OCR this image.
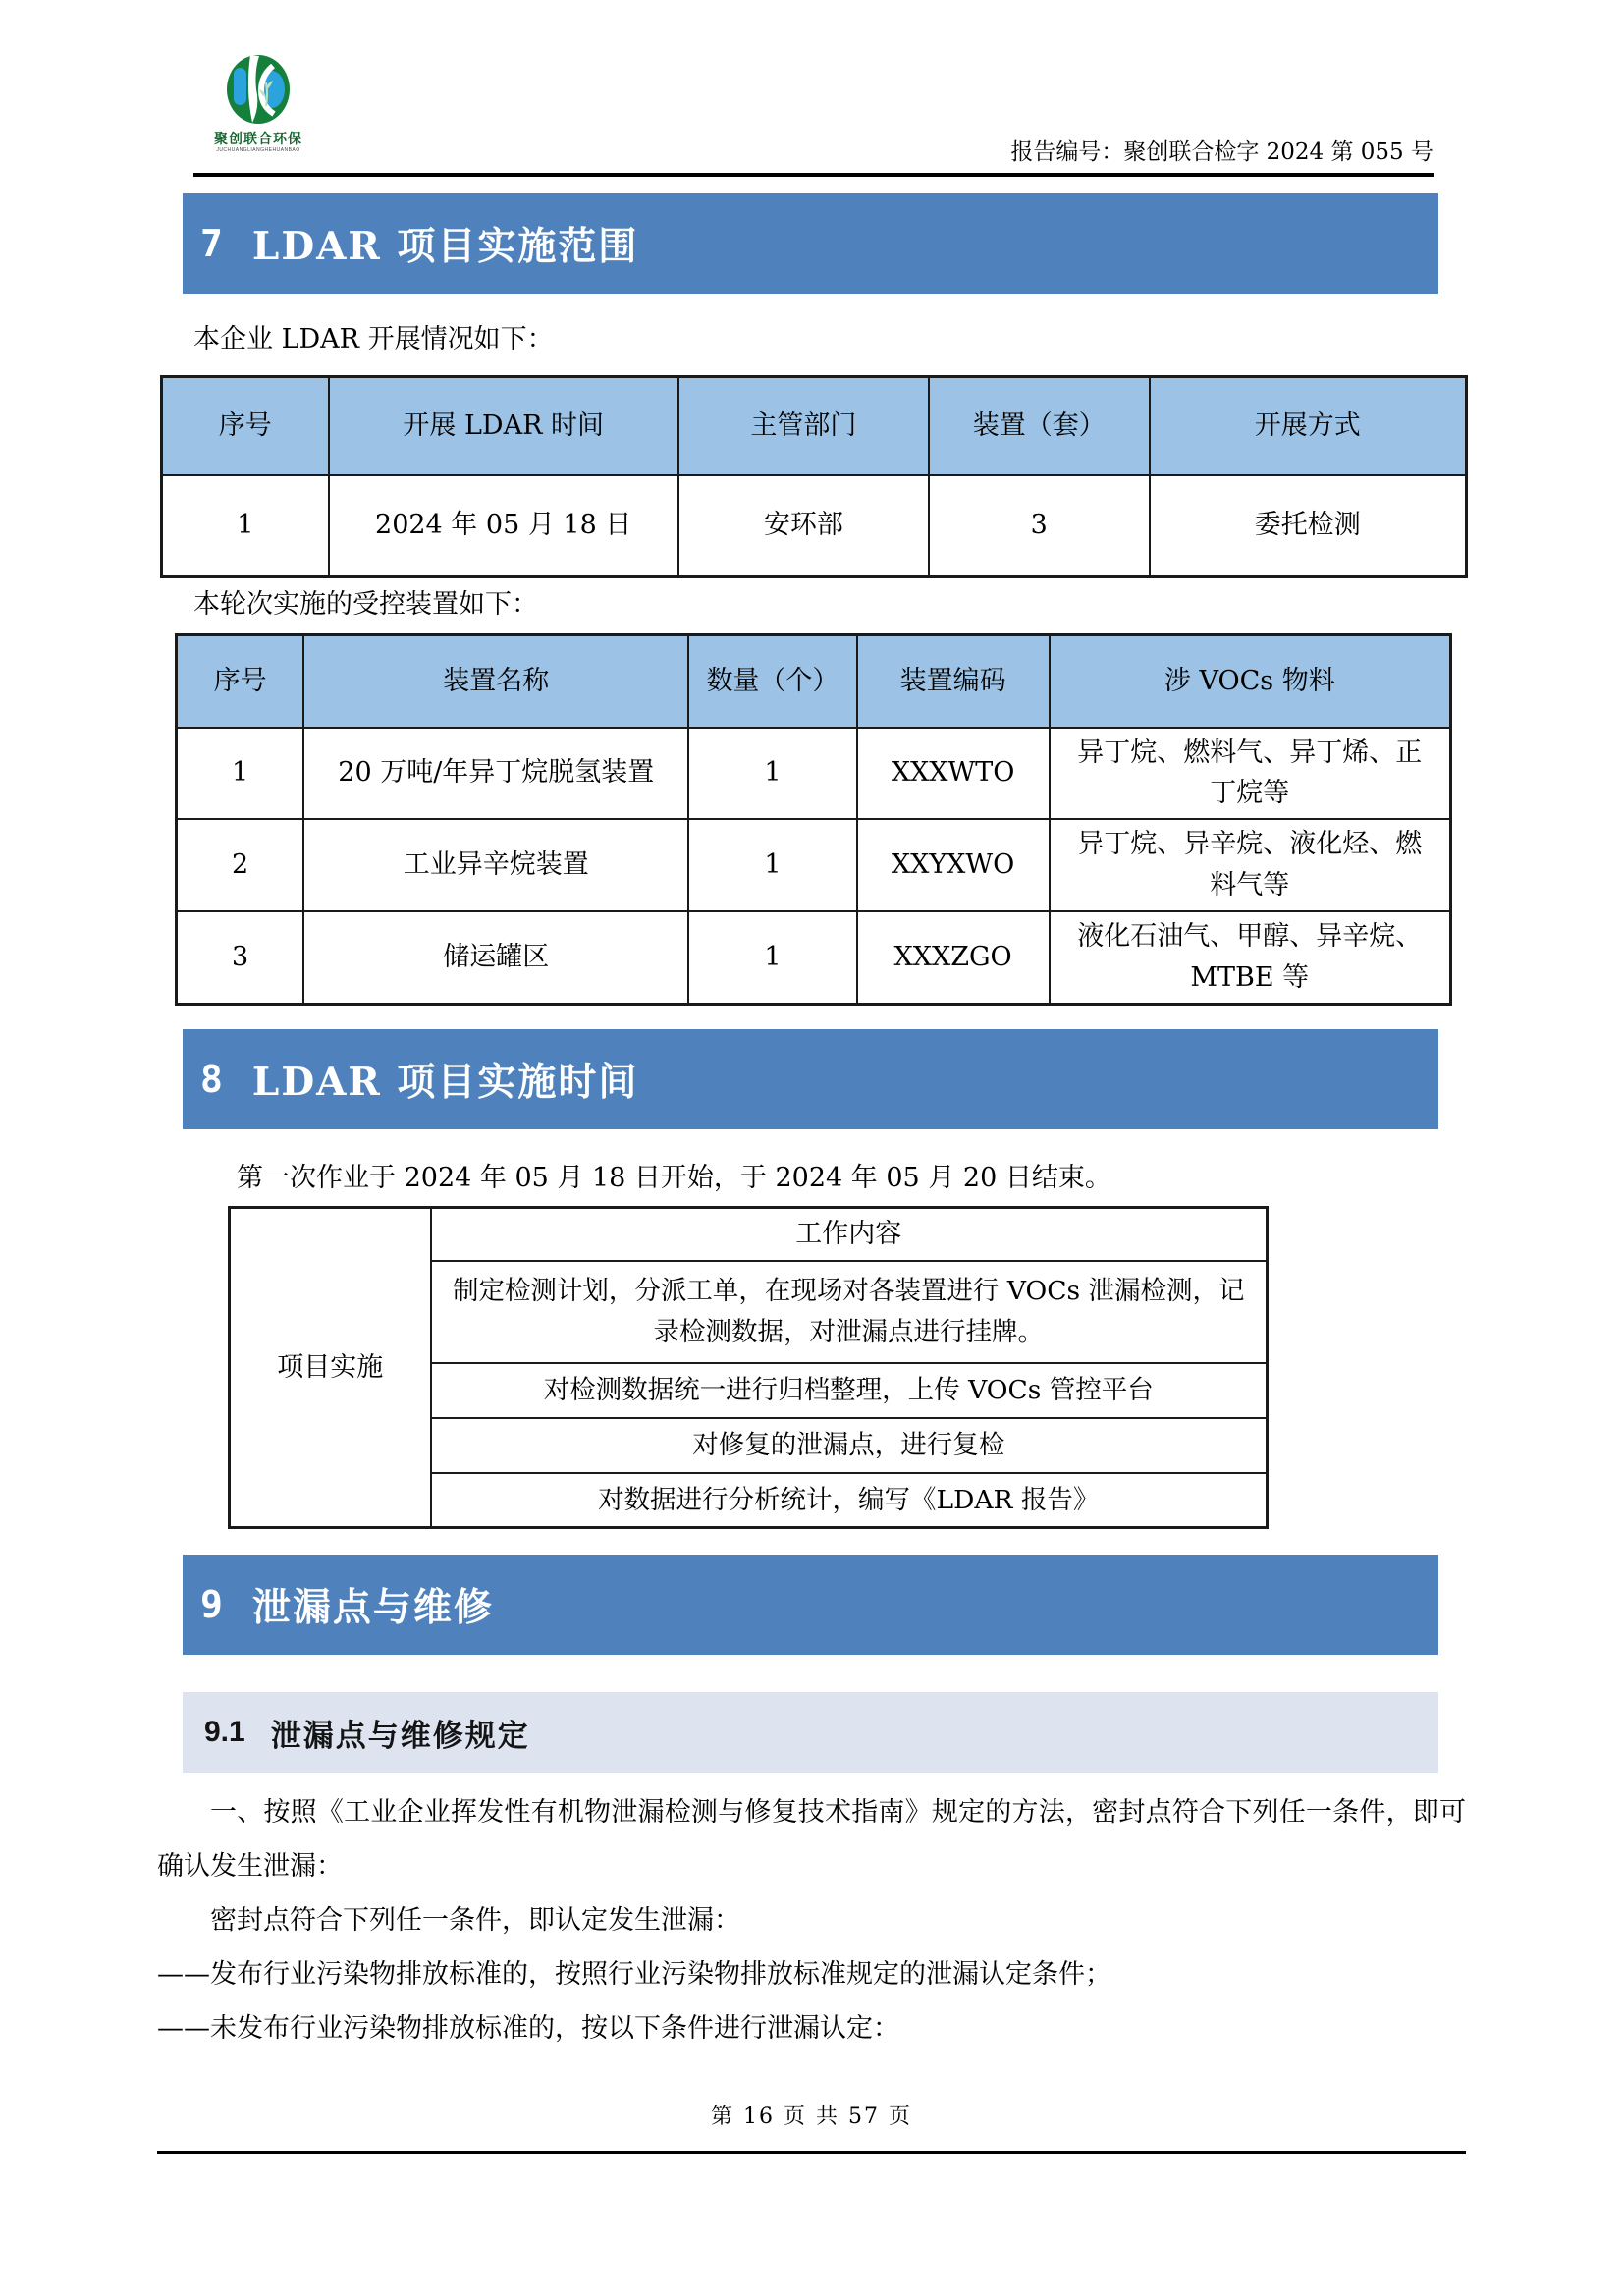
聚创联合环保
JUCHUANGLIANGHEHUANBAO	报告编号：聚创联合检字 2024 第 055 号
7 LDAR 项目实施范围
本企业 LDAR 开展情况如下：
序号	开展 LDAR 时间	主管部门	装置（套）	开展方式
1	2024 年 05 月 18 日	安环部	3	委托检测
本轮次实施的受控装置如下：
序号	装置名称	数量（个）	装置编码	涉 VOCs 物料
1	20 万吨/年异丁烷脱氢装置	1	XXXWTO	异丁烷、燃料气、异丁烯、正丁烷等
2	工业异辛烷装置	1	XXYXWO	异丁烷、异辛烷、液化烃、燃料气等
3	储运罐区	1	XXXZGO	液化石油气、甲醇、异辛烷、MTBE 等
8 LDAR 项目实施时间
第一次作业于 2024 年 05 月 18 日开始，于 2024 年 05 月 20 日结束。
项目实施	工作内容
制定检测计划，分派工单，在现场对各装置进行 VOCs 泄漏检测，记录检测数据，对泄漏点进行挂牌。
对检测数据统一进行归档整理，上传 VOCs 管控平台
对修复的泄漏点，进行复检
对数据进行分析统计，编写《LDAR 报告》
9 泄漏点与维修
9.1 泄漏点与维修规定

一、按照《工业企业挥发性有机物泄漏检测与修复技术指南》规定的方法，密封点符合下列任一条件，即可确认发生泄漏：

密封点符合下列任一条件，即认定发生泄漏：

——发布行业污染物排放标准的，按照行业污染物排放标准规定的泄漏认定条件；

——未发布行业污染物排放标准的，按以下条件进行泄漏认定：

第 16 页 共 57 页
